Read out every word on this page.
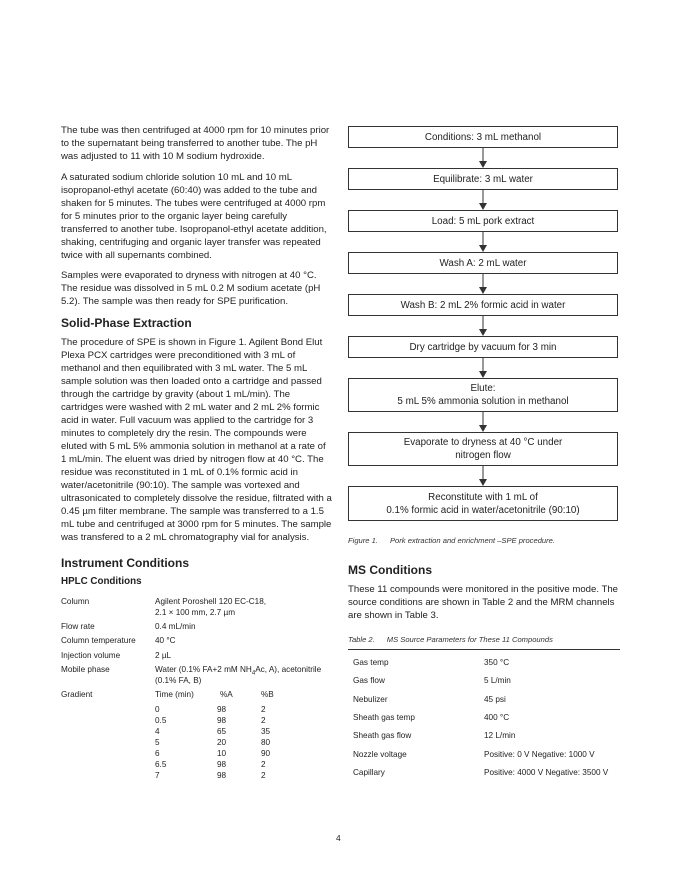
The tube was then centrifuged at 4000 rpm for 10 minutes prior to the supernatant being transferred to another tube. The pH was adjusted to 11 with 10 M sodium hydroxide.

A saturated sodium chloride solution 10 mL and 10 mL isopropanol-ethyl acetate (60:40) was added to the tube and shaken for 5 minutes. The tubes were centrifuged at 4000 rpm for 5 minutes prior to the organic layer being carefully transferred to another tube. Isopropanol-ethyl acetate addition, shaking, centrifuging and organic layer transfer was repeated twice with all supernants combined.

Samples were evaporated to dryness with nitrogen at 40 °C. The residue was dissolved in 5 mL 0.2 M sodium acetate (pH 5.2). The sample was then ready for SPE purification.

Solid-Phase Extraction

The procedure of SPE is shown in Figure 1. Agilent Bond Elut Plexa PCX cartridges were preconditioned with 3 mL of methanol and then equilibrated with 3 mL water. The 5 mL sample solution was then loaded onto a cartridge and passed through the cartridge by gravity (about 1 mL/min). The cartridges were washed with 2 mL water and 2 mL 2% formic acid in water. Full vacuum was applied to the cartridge for 3 minutes to completely dry the resin. The compounds were eluted with 5 mL 5% ammonia solution in methanol at a rate of 1 mL/min. The eluent was dried by nitrogen flow at 40 °C. The residue was reconstituted in 1 mL of 0.1% formic acid in water/acetonitrile (90:10). The sample was vortexed and ultrasonicated to completely dissolve the residue, filtrated with a 0.45 µm filter membrane. The sample was transferred to a 1.5 mL tube and centrifuged at 3000 rpm for 5 minutes. The sample was transfered to a 2 mL chromatography vial for analysis.

Instrument Conditions
HPLC Conditions
Column	Agilent Poroshell 120 EC-C18,
2.1 × 100 mm, 2.7 µm
Flow rate	0.4 mL/min
Column temperature 40 °C
Injection volume	2 µL
Mobile phase	Water (0.1% FA+2 mM $NH_4Ac$, A), acetonitrile
(0.1% FA, B)
Gradient	Time (min)	%A	%B
0	98	2
0.5	98	2
4	65	35
5	20	80
6	10	90
6.5	98	2
7	98	2
Conditions: 3 mL methanol
Equilibrate: 3 mL water
Load: 5 mL pork extract
Wash A: 2 mL water
Wash B: 2 mL 2% formic acid in water
Dry cartridge by vacuum for 3 min
Elute:
5 mL 5% ammonia solution in methanol
Evaporate to dryness at 40 °C under
nitrogen flow
Reconstitute with 1 mL of
0.1% formic acid in water/acetonitrile (90:10)

Figure 1. Pork extraction and enrichment –SPE procedure.

MS Conditions

These 11 compounds were monitored in the positive mode. The source conditions are shown in Table 2 and the MRM channels are shown in Table 3.

Table 2. MS Source Parameters for These 11 Compounds

Gas temp	350 °C
Gas flow	5 L/min
Nebulizer	45 psi
Sheath gas temp	400 °C
Sheath gas flow	12 L/min
Nozzle voltage	Positive: 0 V Negative: 1000 V
Capillary	Positive: 4000 V Negative: 3500 V
4
